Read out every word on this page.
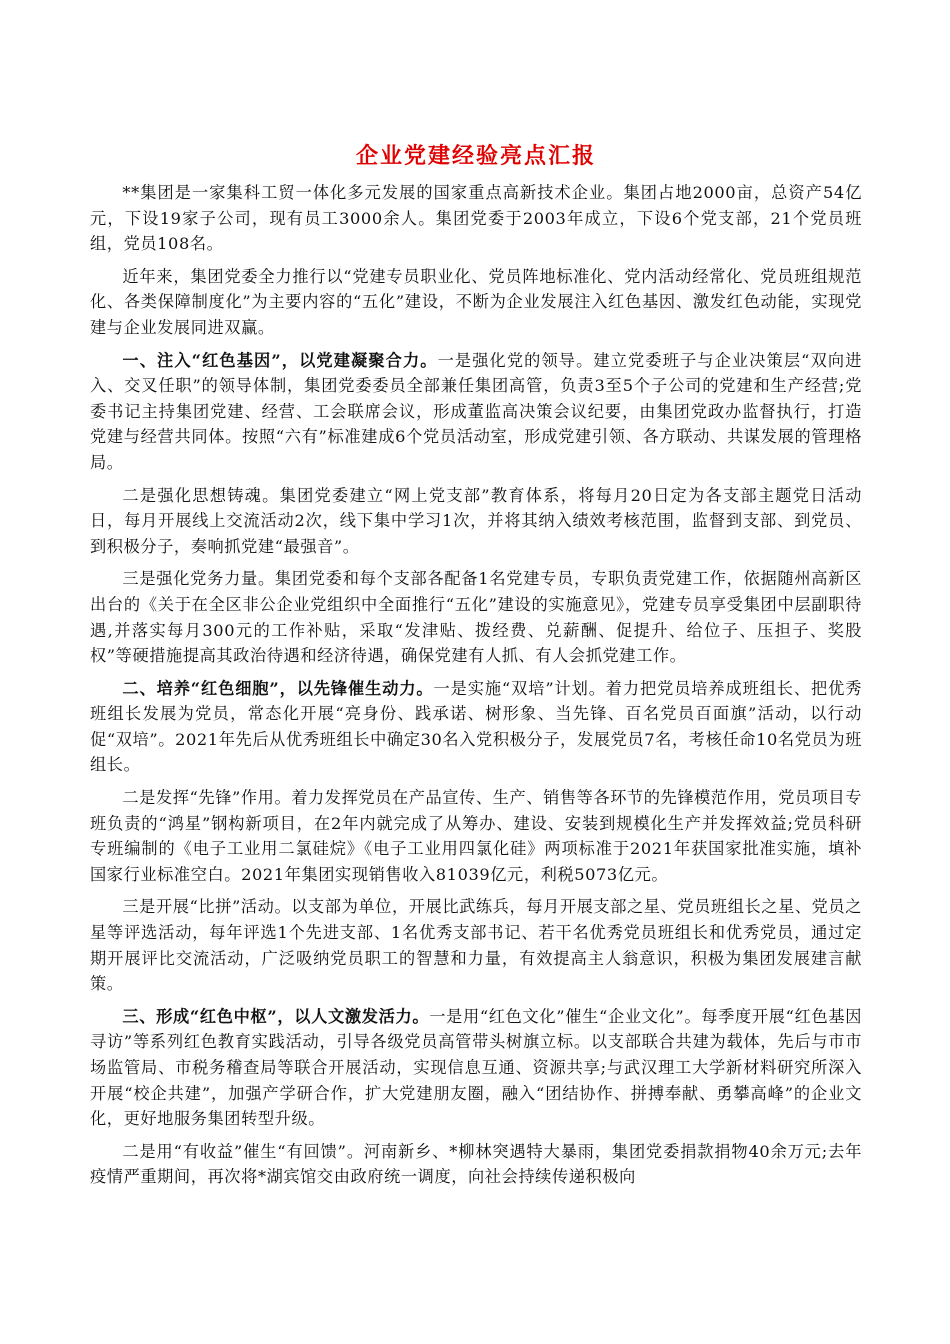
企业党建经验亮点汇报

**集团是一家集科工贸一体化多元发展的国家重点高新技术企业。集团占地2000亩，总资产54亿元，下设19家子公司，现有员工3000余人。集团党委于2003年成立，下设6个党支部，21个党员班组，党员108名。

近年来，集团党委全力推行以“党建专员职业化、党员阵地标准化、党内活动经常化、党员班组规范化、各类保障制度化”为主要内容的“五化”建设，不断为企业发展注入红色基因、激发红色动能，实现党建与企业发展同进双赢。

一、注入“红色基因”，以党建凝聚合力。一是强化党的领导。建立党委班子与企业决策层“双向进入、交叉任职”的领导体制，集团党委委员全部兼任集团高管，负责3至5个子公司的党建和生产经营;党委书记主持集团党建、经营、工会联席会议，形成董监高决策会议纪要，由集团党政办监督执行，打造党建与经营共同体。按照“六有”标准建成6个党员活动室，形成党建引领、各方联动、共谋发展的管理格局。

二是强化思想铸魂。集团党委建立“网上党支部”教育体系，将每月20日定为各支部主题党日活动日，每月开展线上交流活动2次，线下集中学习1次，并将其纳入绩效考核范围，监督到支部、到党员、到积极分子，奏响抓党建“最强音”。

三是强化党务力量。集团党委和每个支部各配备1名党建专员，专职负责党建工作，依据随州高新区出台的《关于在全区非公企业党组织中全面推行“五化”建设的实施意见》，党建专员享受集团中层副职待遇,并落实每月300元的工作补贴，采取“发津贴、拨经费、兑薪酬、促提升、给位子、压担子、奖股权”等硬措施提高其政治待遇和经济待遇，确保党建有人抓、有人会抓党建工作。

二、培养“红色细胞”，以先锋催生动力。一是实施“双培”计划。着力把党员培养成班组长、把优秀班组长发展为党员，常态化开展“亮身份、践承诺、树形象、当先锋、百名党员百面旗”活动，以行动促“双培”。2021年先后从优秀班组长中确定30名入党积极分子，发展党员7名，考核任命10名党员为班组长。

二是发挥“先锋”作用。着力发挥党员在产品宣传、生产、销售等各环节的先锋模范作用，党员项目专班负责的“鸿星”钢构新项目，在2年内就完成了从筹办、建设、安装到规模化生产并发挥效益;党员科研专班编制的《电子工业用二氯硅烷》《电子工业用四氯化硅》两项标准于2021年获国家批准实施，填补国家行业标准空白。2021年集团实现销售收入81039亿元，利税5073亿元。

三是开展“比拼”活动。以支部为单位，开展比武练兵，每月开展支部之星、党员班组长之星、党员之星等评选活动，每年评选1个先进支部、1名优秀支部书记、若干名优秀党员班组长和优秀党员，通过定期开展评比交流活动，广泛吸纳党员职工的智慧和力量，有效提高主人翁意识，积极为集团发展建言献策。

三、形成“红色中枢”，以人文激发活力。一是用“红色文化”催生“企业文化”。每季度开展“红色基因寻访”等系列红色教育实践活动，引导各级党员高管带头树旗立标。以支部联合共建为载体，先后与市市场监管局、市税务稽查局等联合开展活动，实现信息互通、资源共享;与武汉理工大学新材料研究所深入开展“校企共建”，加强产学研合作，扩大党建朋友圈，融入“团结协作、拼搏奉献、勇攀高峰”的企业文化，更好地服务集团转型升级。

二是用“有收益”催生“有回馈”。河南新乡、*柳林突遇特大暴雨，集团党委捐款捐物40余万元;去年疫情严重期间，再次将*湖宾馆交由政府统一调度，向社会持续传递积极向
